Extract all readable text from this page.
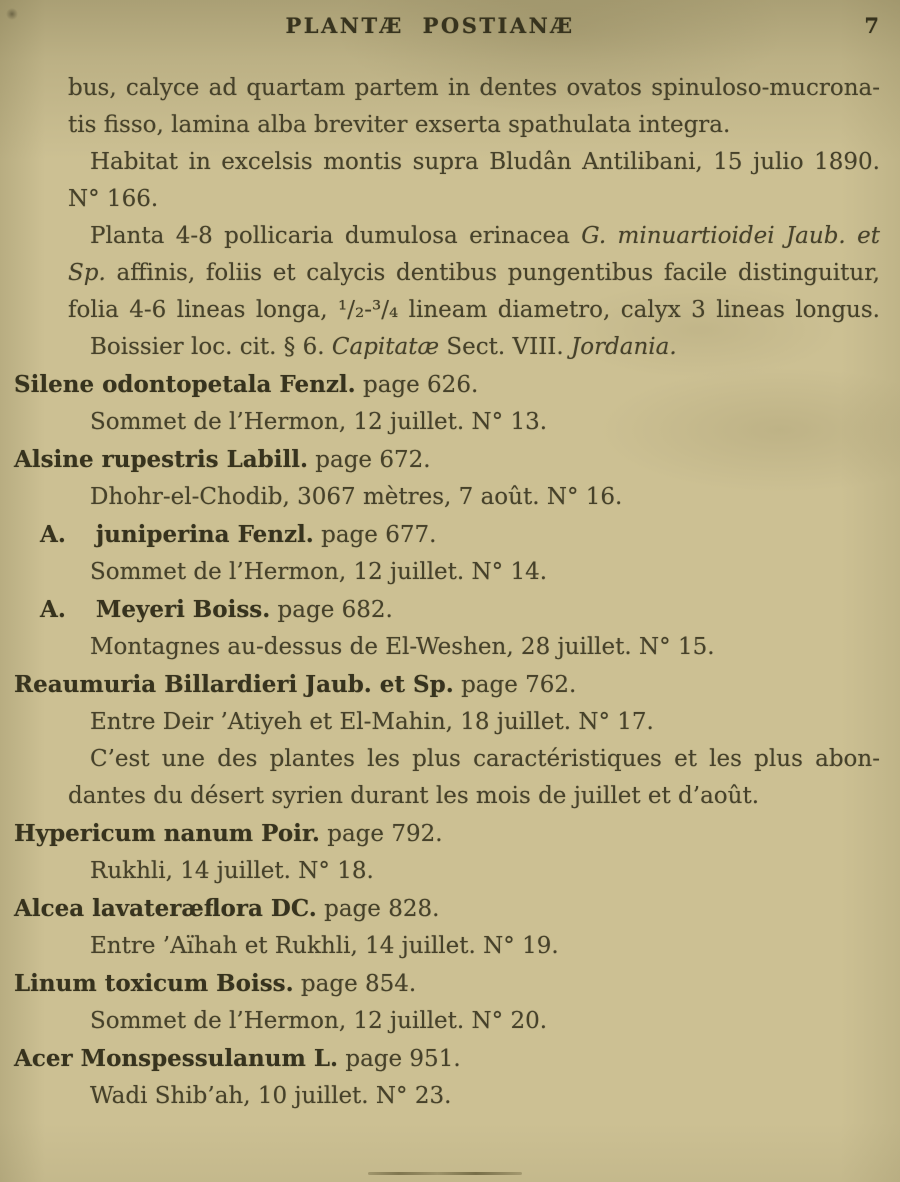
PLANTÆ POSTIANÆ	7
bus, calyce ad quartam partem in dentes ovatos spinuloso-mucrona-
tis fisso, lamina alba breviter exserta spathulata integra.
Habitat in excelsis montis supra Bludân Antilibani, 15 julio 1890.
N° 166.
Planta 4-8 pollicaria dumulosa erinacea G. minuartioidei Jaub. et
Sp. affinis, foliis et calycis dentibus pungentibus facile distinguitur,
folia 4-6 lineas longa, ¹/₂-³/₄ lineam diametro, calyx 3 lineas longus.
Boissier loc. cit. § 6. Capitatæ Sect. VIII. Jordania.
Silene odontopetala Fenzl. page 626.
Sommet de l’Hermon, 12 juillet. N° 13.
Alsine rupestris Labill. page 672.
Dhohr-el-Chodib, 3067 mètres, 7 août. N° 16.
A. juniperina Fenzl. page 677.
Sommet de l’Hermon, 12 juillet. N° 14.
A. Meyeri Boiss. page 682.
Montagnes au-dessus de El-Weshen, 28 juillet. N° 15.
Reaumuria Billardieri Jaub. et Sp. page 762.
Entre Deir ’Atiyeh et El-Mahin, 18 juillet. N° 17.
C’est une des plantes les plus caractéristiques et les plus abon-
dantes du désert syrien durant les mois de juillet et d’août.
Hypericum nanum Poir. page 792.
Rukhli, 14 juillet. N° 18.
Alcea lavateræflora DC. page 828.
Entre ’Aïhah et Rukhli, 14 juillet. N° 19.
Linum toxicum Boiss. page 854.
Sommet de l’Hermon, 12 juillet. N° 20.
Acer Monspessulanum L. page 951.
Wadi Shib’ah, 10 juillet. N° 23.
